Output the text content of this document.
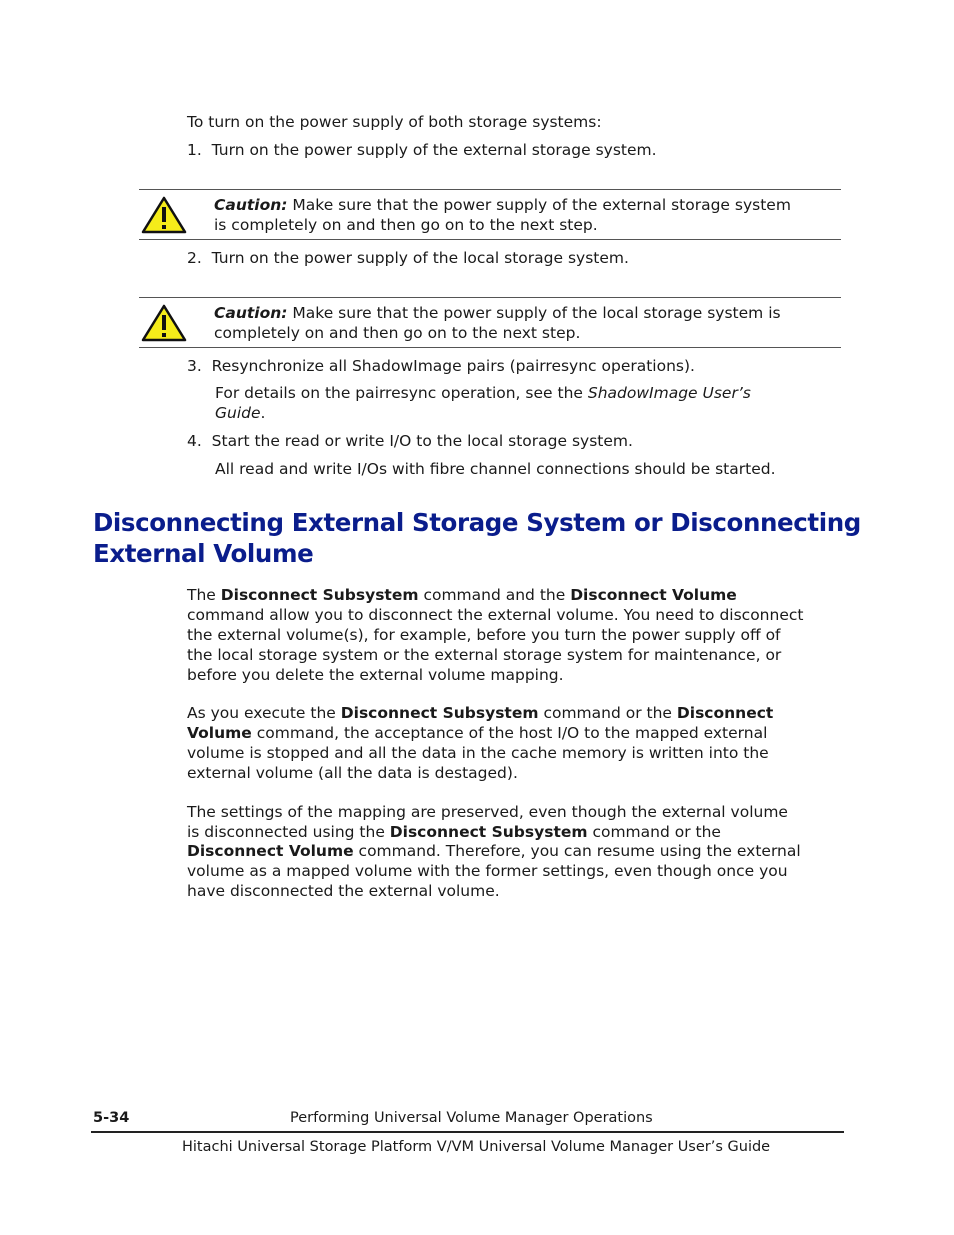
To turn on the power supply of both storage systems:
1. Turn on the power supply of the external storage system.
Caution: Make sure that the power supply of the external storage system
is completely on and then go on to the next step.
2. Turn on the power supply of the local storage system.
Caution: Make sure that the power supply of the local storage system is
completely on and then go on to the next step.
3. Resynchronize all ShadowImage pairs (pairresync operations).
For details on the pairresync operation, see the ShadowImage User’s
Guide.
4. Start the read or write I/O to the local storage system.
All read and write I/Os with fibre channel connections should be started.
Disconnecting External Storage System or Disconnecting
External Volume
The Disconnect Subsystem command and the Disconnect Volume
command allow you to disconnect the external volume. You need to disconnect
the external volume(s), for example, before you turn the power supply off of
the local storage system or the external storage system for maintenance, or
before you delete the external volume mapping.
As you execute the Disconnect Subsystem command or the Disconnect
Volume command, the acceptance of the host I/O to the mapped external
volume is stopped and all the data in the cache memory is written into the
external volume (all the data is destaged).
The settings of the mapping are preserved, even though the external volume
is disconnected using the Disconnect Subsystem command or the
Disconnect Volume command. Therefore, you can resume using the external
volume as a mapped volume with the former settings, even though once you
have disconnected the external volume.
5-34	Performing Universal Volume Manager Operations
Hitachi Universal Storage Platform V/VM Universal Volume Manager User’s Guide
